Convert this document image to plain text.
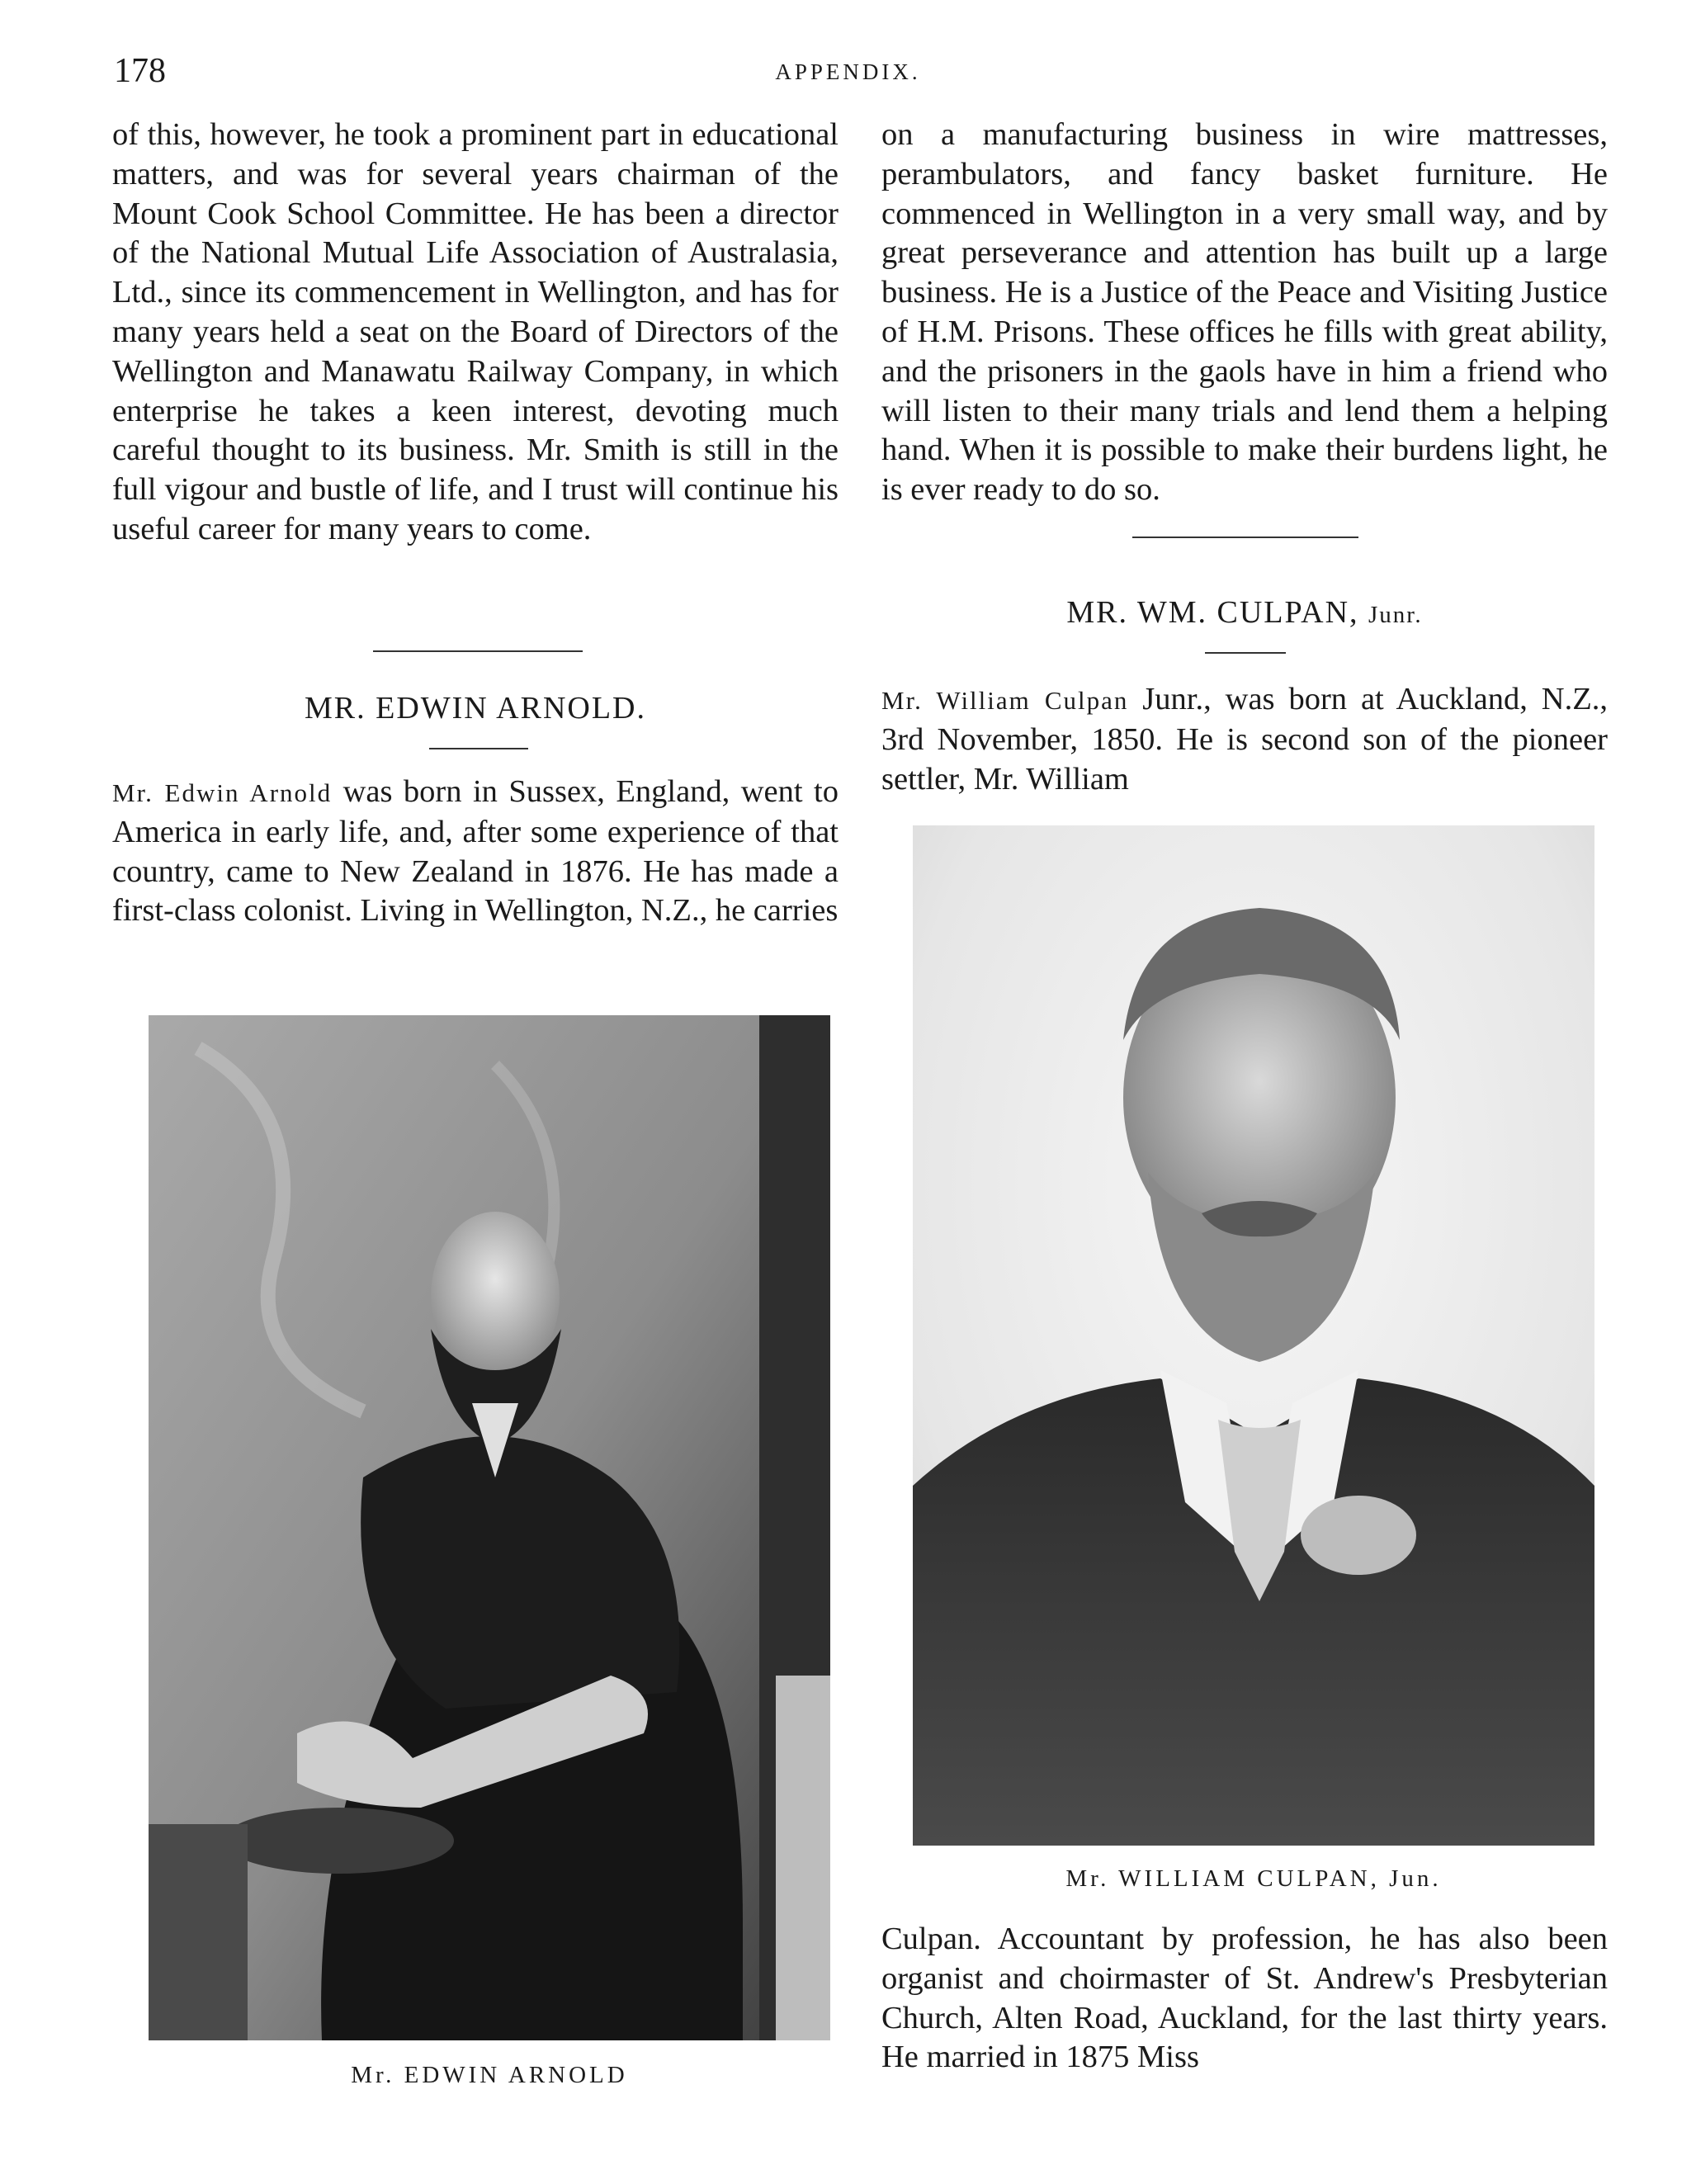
178	APPENDIX.

of this, however, he took a prominent part in educational matters, and was for several years chairman of the Mount Cook School Committee. He has been a director of the National Mutual Life Association of Australasia, Ltd., since its commencement in Wellington, and has for many years held a seat on the Board of Directors of the Wellington and Manawatu Railway Company, in which enterprise he takes a keen interest, devoting much careful thought to its business. Mr. Smith is still in the full vigour and bustle of life, and I trust will continue his useful career for many years to come.

MR. EDWIN ARNOLD.

Mr. Edwin Arnold was born in Sussex, England, went to America in early life, and, after some experience of that country, came to New Zealand in 1876. He has made a first-class colonist. Living in Wellington, N.Z., he carries

Mr. EDWIN ARNOLD

on a manufacturing business in wire mattresses, perambulators, and fancy basket furniture. He commenced in Wellington in a very small way, and by great perseverance and attention has built up a large business. He is a Justice of the Peace and Visiting Justice of H.M. Prisons. These offices he fills with great ability, and the prisoners in the gaols have in him a friend who will listen to their many trials and lend them a helping hand. When it is possible to make their burdens light, he is ever ready to do so.

MR. WM. CULPAN, Junr.

Mr. William Culpan Junr., was born at Auckland, N.Z., 3rd November, 1850. He is second son of the pioneer settler, Mr. William

Mr. WILLIAM CULPAN, Jun.

Culpan. Accountant by profession, he has also been organist and choirmaster of St. Andrew's Presbyterian Church, Alten Road, Auckland, for the last thirty years. He married in 1875 Miss
